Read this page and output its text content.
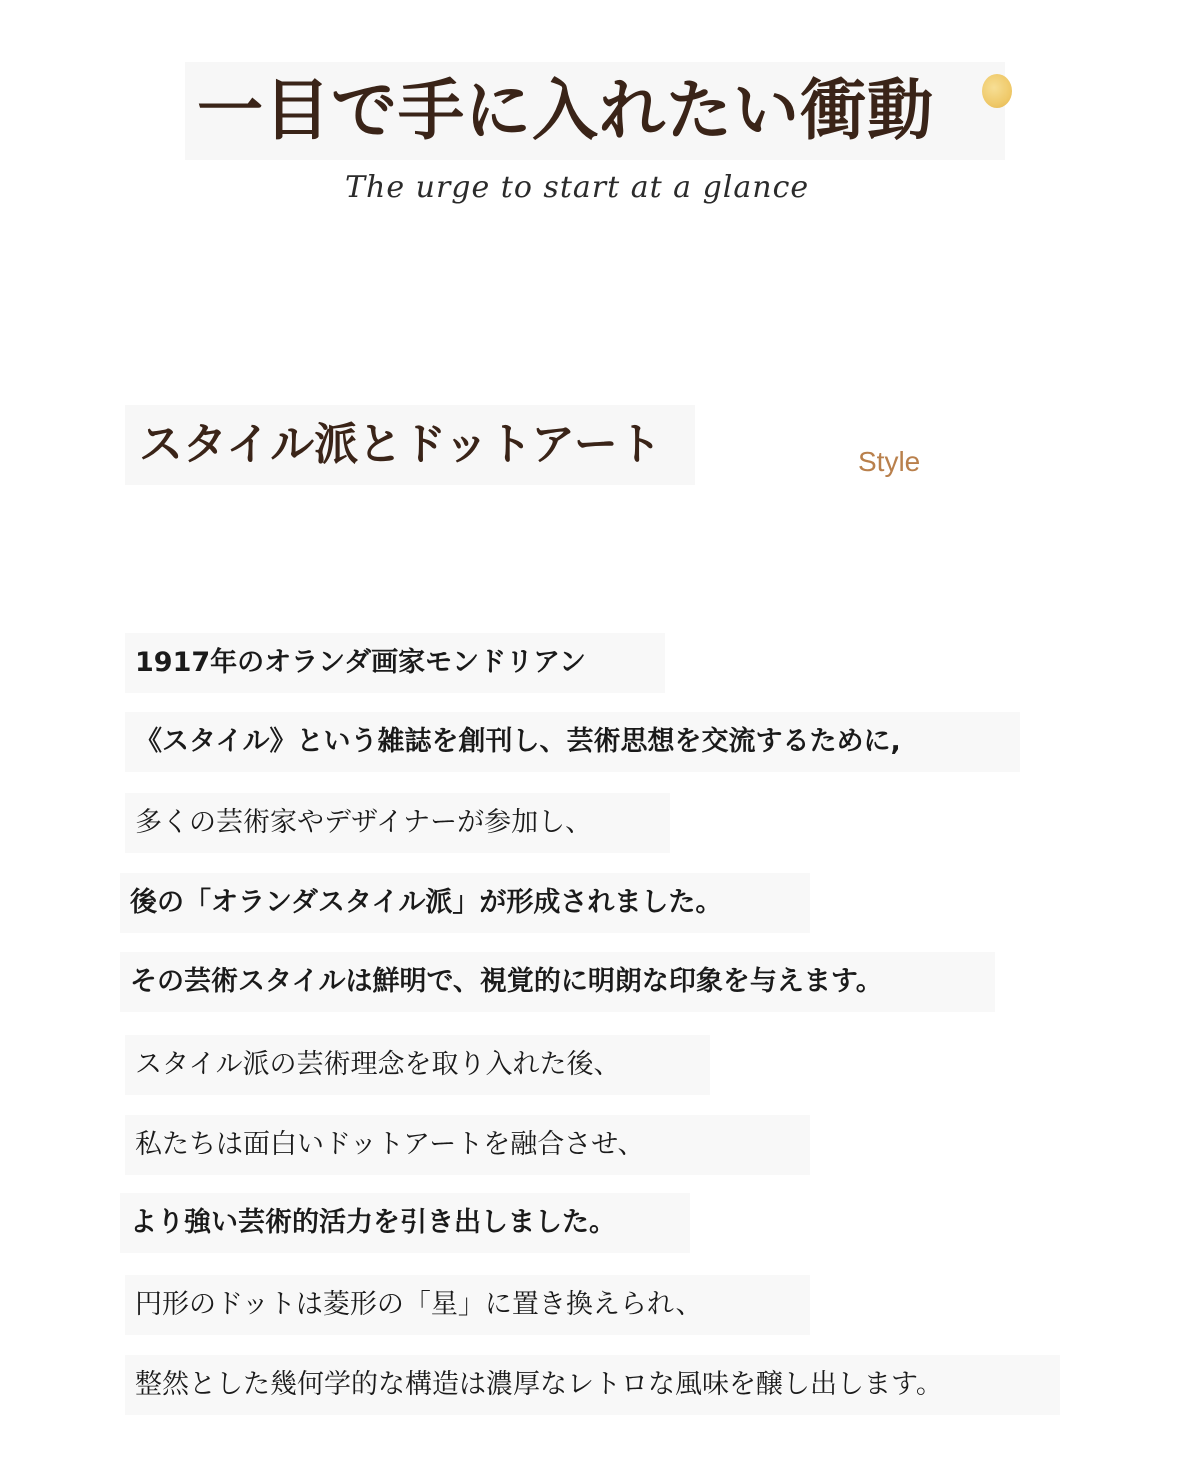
一目で手に入れたい衝動
The urge to start at a glance
スタイル派とドットアート	Style
1917年のオランダ画家モンドリアン
《スタイル》という雑誌を創刊し、芸術思想を交流するために,
多くの芸術家やデザイナーが参加し、
後の「オランダスタイル派」が形成されました。
その芸術スタイルは鮮明で、視覚的に明朗な印象を与えます。
スタイル派の芸術理念を取り入れた後、
私たちは面白いドットアートを融合させ、
より強い芸術的活力を引き出しました。
円形のドットは菱形の「星」に置き換えられ、
整然とした幾何学的な構造は濃厚なレトロな風味を醸し出します。
